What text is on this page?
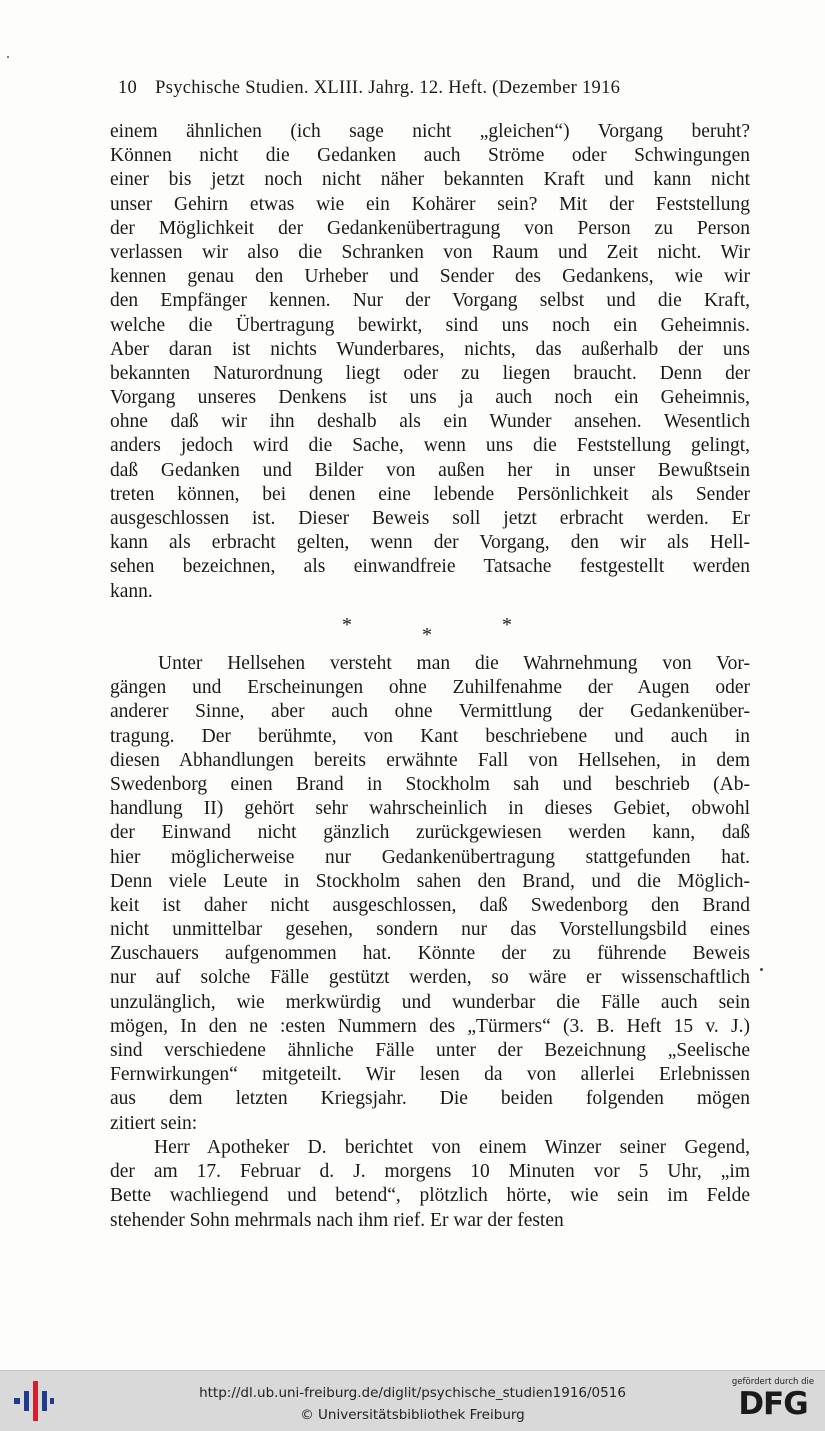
10 Psychische Studien. XLIII. Jahrg. 12. Heft. (Dezember 1916
einem ähnlichen (ich sage nicht „gleichen“) Vorgang beruht?
Können nicht die Gedanken auch Ströme oder Schwingungen
einer bis jetzt noch nicht näher bekannten Kraft und kann nicht
unser Gehirn etwas wie ein Kohärer sein? Mit der Feststellung
der Möglichkeit der Gedankenübertragung von Person zu Person
verlassen wir also die Schranken von Raum und Zeit nicht. Wir
kennen genau den Urheber und Sender des Gedankens, wie wir
den Empfänger kennen. Nur der Vorgang selbst und die Kraft,
welche die Übertragung bewirkt, sind uns noch ein Geheimnis.
Aber daran ist nichts Wunderbares, nichts, das außerhalb der uns
bekannten Naturordnung liegt oder zu liegen braucht. Denn der
Vorgang unseres Denkens ist uns ja auch noch ein Geheimnis,
ohne daß wir ihn deshalb als ein Wunder ansehen. Wesentlich
anders jedoch wird die Sache, wenn uns die Feststellung gelingt,
daß Gedanken und Bilder von außen her in unser Bewußtsein
treten können, bei denen eine lebende Persönlichkeit als Sender
ausgeschlossen ist. Dieser Beweis soll jetzt erbracht werden. Er
kann als erbracht gelten, wenn der Vorgang, den wir als Hell-
sehen bezeichnen, als einwandfreie Tatsache festgestellt werden
kann.
*	*	*
Unter Hellsehen versteht man die Wahrnehmung von Vor-
gängen und Erscheinungen ohne Zuhilfenahme der Augen oder
anderer Sinne, aber auch ohne Vermittlung der Gedankenüber-
tragung. Der berühmte, von Kant beschriebene und auch in
diesen Abhandlungen bereits erwähnte Fall von Hellsehen, in dem
Swedenborg einen Brand in Stockholm sah und beschrieb (Ab-
handlung II) gehört sehr wahrscheinlich in dieses Gebiet, obwohl
der Einwand nicht gänzlich zurückgewiesen werden kann, daß
hier möglicherweise nur Gedankenübertragung stattgefunden hat.
Denn viele Leute in Stockholm sahen den Brand, und die Möglich-
keit ist daher nicht ausgeschlossen, daß Swedenborg den Brand
nicht unmittelbar gesehen, sondern nur das Vorstellungsbild eines
Zuschauers aufgenommen hat. Könnte der zu führende Beweis
nur auf solche Fälle gestützt werden, so wäre er wissenschaftlich
unzulänglich, wie merkwürdig und wunderbar die Fälle auch sein
mögen, In den ne :esten Nummern des „Türmers“ (3. B. Heft 15 v. J.)
sind verschiedene ähnliche Fälle unter der Bezeichnung „Seelische
Fernwirkungen“ mitgeteilt. Wir lesen da von allerlei Erlebnissen
aus dem letzten Kriegsjahr. Die beiden folgenden mögen
zitiert sein:
Herr Apotheker D. berichtet von einem Winzer seiner Gegend,
der am 17. Februar d. J. morgens 10 Minuten vor 5 Uhr, „im
Bette wachliegend und betend“, plötzlich hörte, wie sein im Felde
stehender Sohn mehrmals nach ihm rief. Er war der festen
http://dl.ub.uni-freiburg.de/diglit/psychische_studien1916/0516
© Universitätsbibliothek Freiburg
gefördert durch die
DFG
